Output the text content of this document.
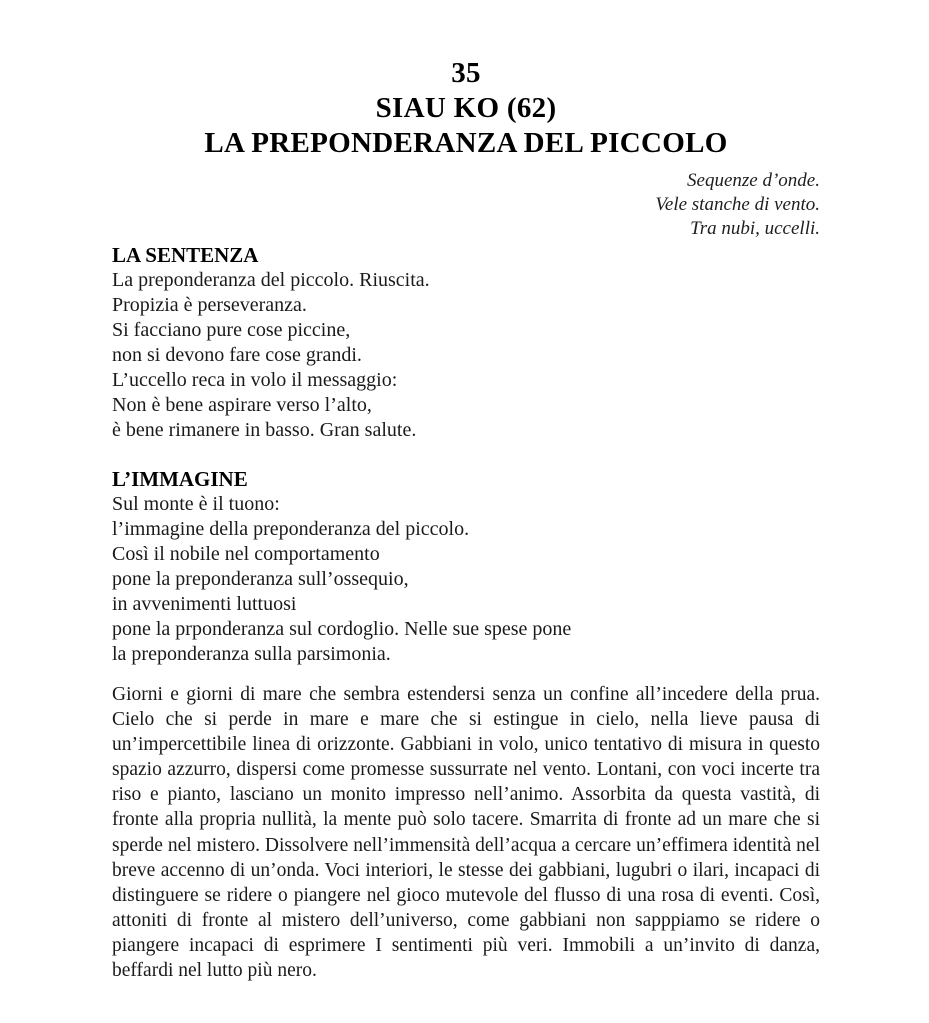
35
SIAU KO (62)
LA PREPONDERANZA DEL PICCOLO
Sequenze d’onde.
Vele stanche di vento.
Tra nubi, uccelli.
LA SENTENZA
La preponderanza del piccolo. Riuscita.
Propizia è perseveranza.
Si facciano pure cose piccine,
non si devono fare cose grandi.
L’uccello reca in volo il messaggio:
Non è bene aspirare verso l’alto,
è bene rimanere in basso. Gran salute.
L’IMMAGINE
Sul monte è il tuono:
l’immagine della preponderanza del piccolo.
Così il nobile nel comportamento
pone la preponderanza sull’ossequio,
in avvenimenti luttuosi
pone la prponderanza sul cordoglio. Nelle sue spese pone
la preponderanza sulla parsimonia.

Giorni e giorni di mare che sembra estendersi senza un confine all’incedere della prua. Cielo che si perde in mare e mare che si estingue in cielo, nella lieve pausa di un’impercettibile linea di orizzonte. Gabbiani in volo, unico tentativo di misura in questo spazio azzurro, dispersi come promesse sussurrate nel vento. Lontani, con voci incerte tra riso e pianto, lasciano un monito impresso nell’animo. Assorbita da questa vastità, di fronte alla propria nullità, la mente può solo tacere. Smarrita di fronte ad un mare che si sperde nel mistero. Dissolvere nell’immensità dell’acqua a cercare un’effimera identità nel breve accenno di un’onda. Voci interiori, le stesse dei gabbiani, lugubri o ilari, incapaci di distinguere se ridere o piangere nel gioco mutevole del flusso di una rosa di eventi. Così, attoniti di fronte al mistero dell’universo, come gabbiani non sapppiamo se ridere o piangere incapaci di esprimere I sentimenti più veri. Immobili a un’invito di danza, beffardi nel lutto più nero.
